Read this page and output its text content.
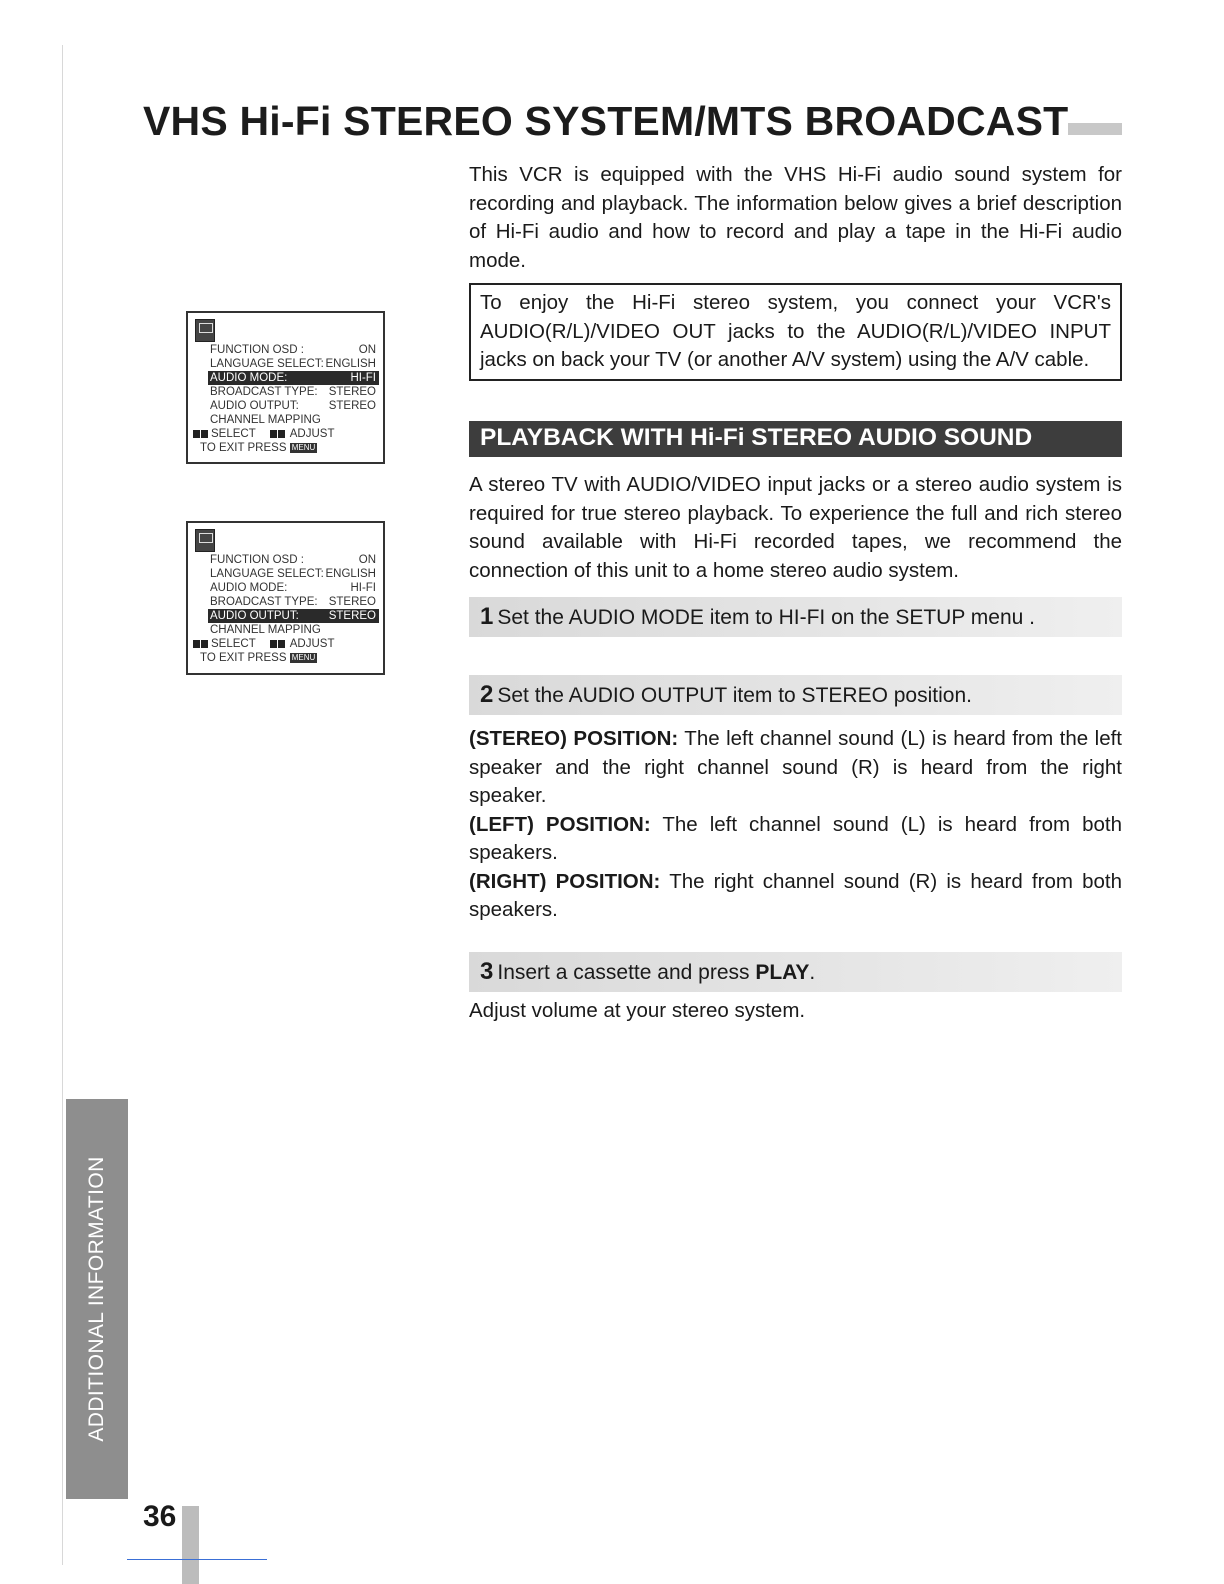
VHS Hi-Fi STEREO SYSTEM/MTS BROADCAST

This VCR is equipped with the VHS Hi-Fi audio sound system for recording and playback. The information below gives a brief description of Hi-Fi audio and how to record and play a tape in the Hi-Fi audio mode.

To enjoy the Hi-Fi stereo system, you connect your VCR's AUDIO(R/L)/VIDEO OUT jacks to the AUDIO(R/L)/VIDEO INPUT jacks on back your TV (or another A/V system) using the A/V cable.

PLAYBACK WITH Hi-Fi STEREO AUDIO SOUND

A stereo TV with AUDIO/VIDEO input jacks or a stereo audio system is required for true stereo playback. To experience the full and rich stereo sound available with Hi-Fi recorded tapes, we recommend the connection of this unit to a home stereo audio system.

1 Set the AUDIO MODE item to HI-FI on the SETUP menu .
2 Set the AUDIO OUTPUT item to STEREO position.

(STEREO) POSITION: The left channel sound (L) is heard from the left speaker and the right channel sound (R) is heard from the right speaker.

(LEFT) POSITION: The left channel sound (L) is heard from both speakers.

(RIGHT) POSITION: The right channel sound (R) is heard from both speakers.

3 Insert a cassette and press PLAY.

Adjust volume at your stereo system.

FUNCTION OSD :	ON
LANGUAGE SELECT: ENGLISH
AUDIO MODE:	HI-FI
BROADCAST TYPE: STEREO
AUDIO OUTPUT:	STEREO
CHANNEL MAPPING
SELECT	ADJUST
TO EXIT PRESS MENU
FUNCTION OSD :	ON
LANGUAGE SELECT: ENGLISH
AUDIO MODE:	HI-FI
BROADCAST TYPE: STEREO
AUDIO OUTPUT:	STEREO
CHANNEL MAPPING
SELECT	ADJUST
TO EXIT PRESS MENU
ADDITIONAL INFORMATION

36
